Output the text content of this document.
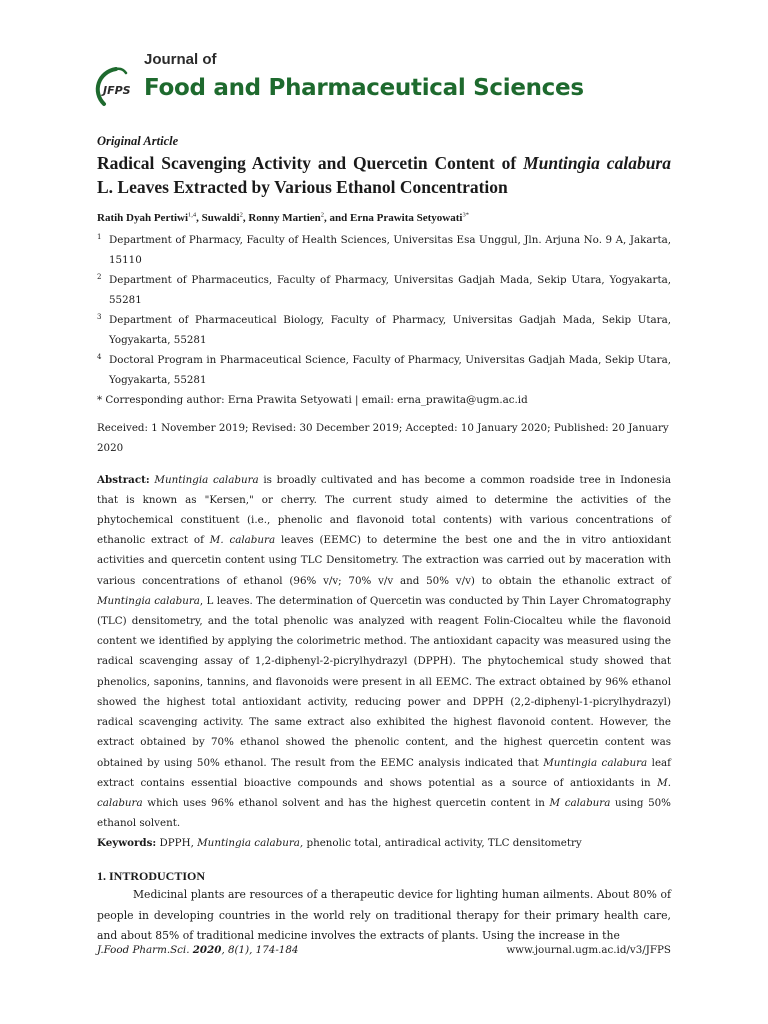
JFPS
Journal of
Food and Pharmaceutical Sciences

Original Article

Radical Scavenging Activity and Quercetin Content of Muntingia calabura L. Leaves Extracted by Various Ethanol Concentration

Ratih Dyah Pertiwi$^{1,4}$, Suwaldi$^2$, Ronny Martien$^2$, and Erna Prawita Setyowati$^{3*}$

1 Department of Pharmacy, Faculty of Health Sciences, Universitas Esa Unggul, Jln. Arjuna No. 9 A, Jakarta, 15110

2 Department of Pharmaceutics, Faculty of Pharmacy, Universitas Gadjah Mada, Sekip Utara, Yogyakarta, 55281

3 Department of Pharmaceutical Biology, Faculty of Pharmacy, Universitas Gadjah Mada, Sekip Utara, Yogyakarta, 55281

4 Doctoral Program in Pharmaceutical Science, Faculty of Pharmacy, Universitas Gadjah Mada, Sekip Utara, Yogyakarta, 55281

* Corresponding author: Erna Prawita Setyowati | email: erna_prawita@ugm.ac.id

Received: 1 November 2019; Revised: 30 December 2019; Accepted: 10 January 2020; Published: 20 January 2020

Abstract: Muntingia calabura is broadly cultivated and has become a common roadside tree in Indonesia that is known as "Kersen," or cherry. The current study aimed to determine the activities of the phytochemical constituent (i.e., phenolic and flavonoid total contents) with various concentrations of ethanolic extract of M. calabura leaves (EEMC) to determine the best one and the in vitro antioxidant activities and quercetin content using TLC Densitometry. The extraction was carried out by maceration with various concentrations of ethanol (96% v/v; 70% v/v and 50% v/v) to obtain the ethanolic extract of Muntingia calabura, L leaves. The determination of Quercetin was conducted by Thin Layer Chromatography (TLC) densitometry, and the total phenolic was analyzed with reagent Folin-Ciocalteu while the flavonoid content we identified by applying the colorimetric method. The antioxidant capacity was measured using the radical scavenging assay of 1,2-diphenyl-2-picrylhydrazyl (DPPH). The phytochemical study showed that phenolics, saponins, tannins, and flavonoids were present in all EEMC. The extract obtained by 96% ethanol showed the highest total antioxidant activity, reducing power and DPPH (2,2-diphenyl-1-picrylhydrazyl) radical scavenging activity. The same extract also exhibited the highest flavonoid content. However, the extract obtained by 70% ethanol showed the phenolic content, and the highest quercetin content was obtained by using 50% ethanol. The result from the EEMC analysis indicated that Muntingia calabura leaf extract contains essential bioactive compounds and shows potential as a source of antioxidants in M. calabura which uses 96% ethanol solvent and has the highest quercetin content in M calabura using 50% ethanol solvent.

Keywords: DPPH, Muntingia calabura, phenolic total, antiradical activity, TLC densitometry

1. INTRODUCTION

Medicinal plants are resources of a therapeutic device for lighting human ailments. About 80% of people in developing countries in the world rely on traditional therapy for their primary health care, and about 85% of traditional medicine involves the extracts of plants. Using the increase in the

J.Food Pharm.Sci. 2020, 8(1), 174-184	www.journal.ugm.ac.id/v3/JFPS
